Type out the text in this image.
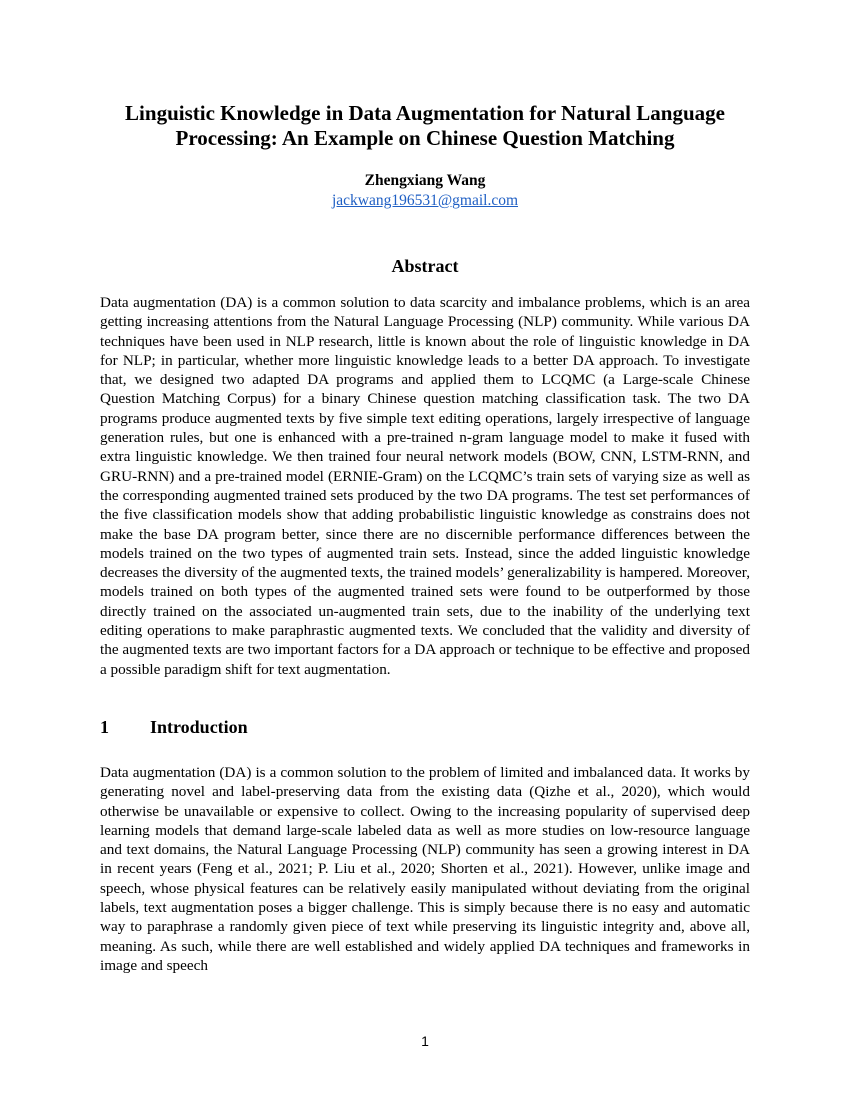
Linguistic Knowledge in Data Augmentation for Natural Language Processing: An Example on Chinese Question Matching

Zhengxiang Wang

jackwang196531@gmail.com

Abstract

Data augmentation (DA) is a common solution to data scarcity and imbalance problems, which is an area getting increasing attentions from the Natural Language Processing (NLP) community. While various DA techniques have been used in NLP research, little is known about the role of linguistic knowledge in DA for NLP; in particular, whether more linguistic knowledge leads to a better DA approach. To investigate that, we designed two adapted DA programs and applied them to LCQMC (a Large-scale Chinese Question Matching Corpus) for a binary Chinese question matching classification task. The two DA programs produce augmented texts by five simple text editing operations, largely irrespective of language generation rules, but one is enhanced with a pre-trained n-gram language model to make it fused with extra linguistic knowledge. We then trained four neural network models (BOW, CNN, LSTM-RNN, and GRU-RNN) and a pre-trained model (ERNIE-Gram) on the LCQMC’s train sets of varying size as well as the corresponding augmented trained sets produced by the two DA programs. The test set performances of the five classification models show that adding probabilistic linguistic knowledge as constrains does not make the base DA program better, since there are no discernible performance differences between the models trained on the two types of augmented train sets. Instead, since the added linguistic knowledge decreases the diversity of the augmented texts, the trained models’ generalizability is hampered. Moreover, models trained on both types of the augmented trained sets were found to be outperformed by those directly trained on the associated un-augmented train sets, due to the inability of the underlying text editing operations to make paraphrastic augmented texts. We concluded that the validity and diversity of the augmented texts are two important factors for a DA approach or technique to be effective and proposed a possible paradigm shift for text augmentation.

1	Introduction

Data augmentation (DA) is a common solution to the problem of limited and imbalanced data. It works by generating novel and label-preserving data from the existing data (Qizhe et al., 2020), which would otherwise be unavailable or expensive to collect. Owing to the increasing popularity of supervised deep learning models that demand large-scale labeled data as well as more studies on low-resource language and text domains, the Natural Language Processing (NLP) community has seen a growing interest in DA in recent years (Feng et al., 2021; P. Liu et al., 2020; Shorten et al., 2021). However, unlike image and speech, whose physical features can be relatively easily manipulated without deviating from the original labels, text augmentation poses a bigger challenge. This is simply because there is no easy and automatic way to paraphrase a randomly given piece of text while preserving its linguistic integrity and, above all, meaning. As such, while there are well established and widely applied DA techniques and frameworks in image and speech

1
